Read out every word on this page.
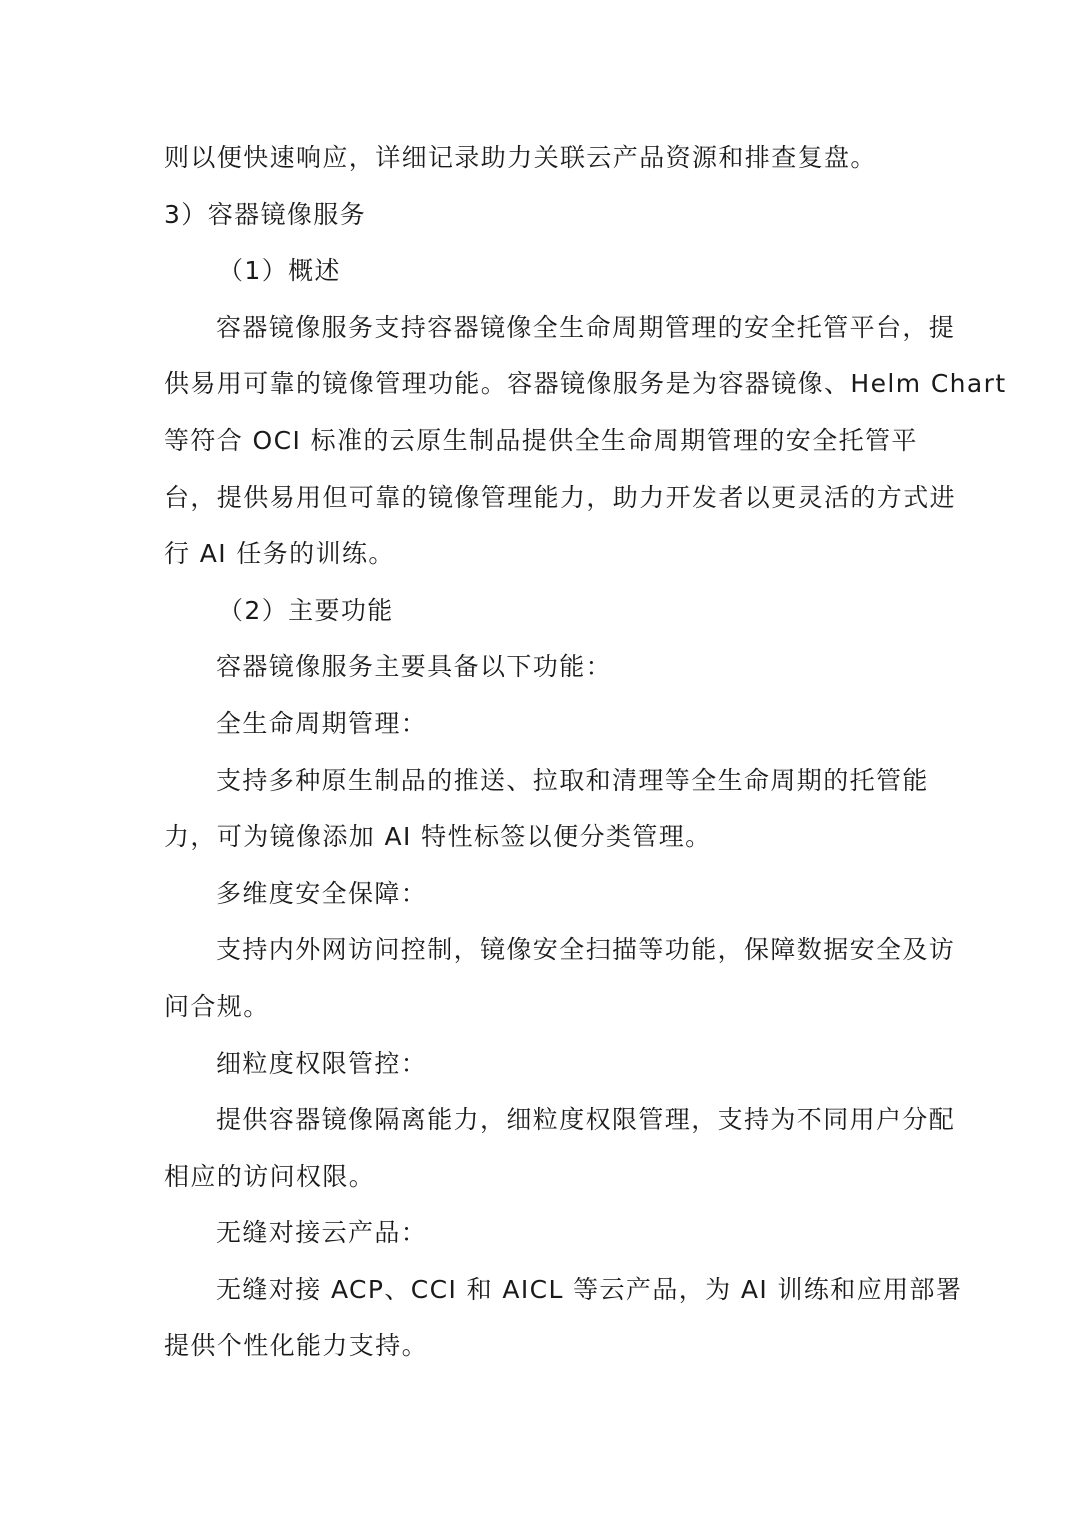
则以便快速响应，详细记录助力关联云产品资源和排查复盘。
3）容器镜像服务
（1）概述
容器镜像服务支持容器镜像全生命周期管理的安全托管平台，提
供易用可靠的镜像管理功能。容器镜像服务是为容器镜像、Helm Chart
等符合 OCI 标准的云原生制品提供全生命周期管理的安全托管平
台，提供易用但可靠的镜像管理能力，助力开发者以更灵活的方式进
行 AI 任务的训练。
（2）主要功能
容器镜像服务主要具备以下功能：
全生命周期管理：
支持多种原生制品的推送、拉取和清理等全生命周期的托管能
力，可为镜像添加 AI 特性标签以便分类管理。
多维度安全保障：
支持内外网访问控制，镜像安全扫描等功能，保障数据安全及访
问合规。
细粒度权限管控：
提供容器镜像隔离能力，细粒度权限管理，支持为不同用户分配
相应的访问权限。
无缝对接云产品：
无缝对接 ACP、CCI 和 AICL 等云产品，为 AI 训练和应用部署
提供个性化能力支持。
